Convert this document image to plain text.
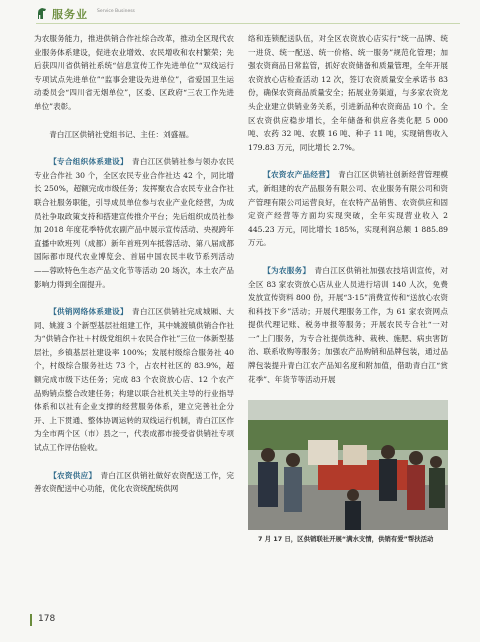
服务业 Service Business

为农服务能力，推进供销合作社综合改革，推动全区现代农业服务体系建设，促进农业增效、农民增收和农村繁荣；先后获四川省供销社系统“信息宣传工作先进单位”“双线运行专项试点先进单位”“监事会建设先进单位”，省爱国卫生运动委员会“四川省无烟单位”，区委、区政府“三农工作先进单位”表彰。

青白江区供销社党组书记、主任：刘盛福。

【专合组织体系建设】　 青白江区供销社参与领办农民专业合作社 30 个，全区农民专业合作社达 42 个，同比增长 250%，超额完成市级任务；发挥聚农合农民专业合作社联合社服务职能，引导成员单位参与农业产业化经营，为成员社争取政策支持和搭建宣传推介平台；先后组织成员社参加 2018 年度花季特优农副产品中展示宣传活动、央视跨年直播中欧班列（成都）新年首班列车抵蓉活动、第八届成都国际都市现代农业博览会、首届中国农民丰收节系列活动——蓉欧特色生态产品文化节等活动 20 场次，本土农产品影响力得到全面提升。

【供销网络体系建设】　 青白江区供销社完成城厢、大同、姚渡 3 个新型基层社组建工作，其中姚渡镇供销合作社为“供销合作社＋村级党组织＋农民合作社”三位一体新型基层社，乡镇基层社建设率 100%；发展村级综合服务社 40 个，村级综合服务社达 73 个，占农村社区的 83.9%，超额完成市级下达任务；完成 83 个农资放心店、12 个农产品购销点整合改建任务；构建以联合社机关主导的行业指导体系和以社有企业支撑的经营服务体系，建立完善社企分开、上下贯通、整体协调运转的双线运行机制，青白江区作为全市两个区（市）县之一，代表成都市接受省供销社专项试点工作评估验收。

【农资供应】　 青白江区供销社做好农资配送工作，完善农资配送中心功能，优化农资统配统供网

络和连锁配送队伍，对全区农资放心店实行“统一品牌、统一进货、统一配送、统一价格、统一服务”规范化管理；加强农资商品日常监管，抓好农资储备和质量管理，全年开展农资放心店检查活动 12 次，签订农资质量安全承诺书 83 份，确保农资商品质量安全；拓展业务渠道，与多家农资龙头企业建立供销业务关系，引进新品种农资商品 10 个。全区农资供应稳步增长，全年储备和供应各类化肥 5 000 吨、农药 32 吨、农膜 16 吨、种子 11 吨，实现销售收入 179.83 万元，同比增长 2.7%。

【农资农产品经营】　 青白江区供销社创新经营管理模式，新组建的农产品服务有限公司、农业服务有限公司和资产管理有限公司运营良好，在农特产品销售、农资供应和固定资产经营等方面均实现突破，全年实现营业收入 2 445.23 万元，同比增长 185%，实现利润总额 1 885.89 万元。

【为农服务】　 青白江区供销社加强农技培训宣传，对全区 83 家农资放心店从业人员进行培训 140 人次，免费发放宣传资料 800 份，开展“3·15”消费宣传和“送放心农资和科技下乡”活动；开展代理服务工作，为 61 家农资网点提供代理记账、税务申报等服务；开展农民专合社“一对一”上门服务，为专合社提供选种、栽秧、施肥、病虫害防治、联系收购等服务；加强农产品购销和品牌包装，通过品牌包装提升青白江农产品知名度和附加值，借助青白江“赏花季”、年货节等活动开展

7 月 17 日，区供销联社开展“满水支情，供销有爱”帮扶活动
178
